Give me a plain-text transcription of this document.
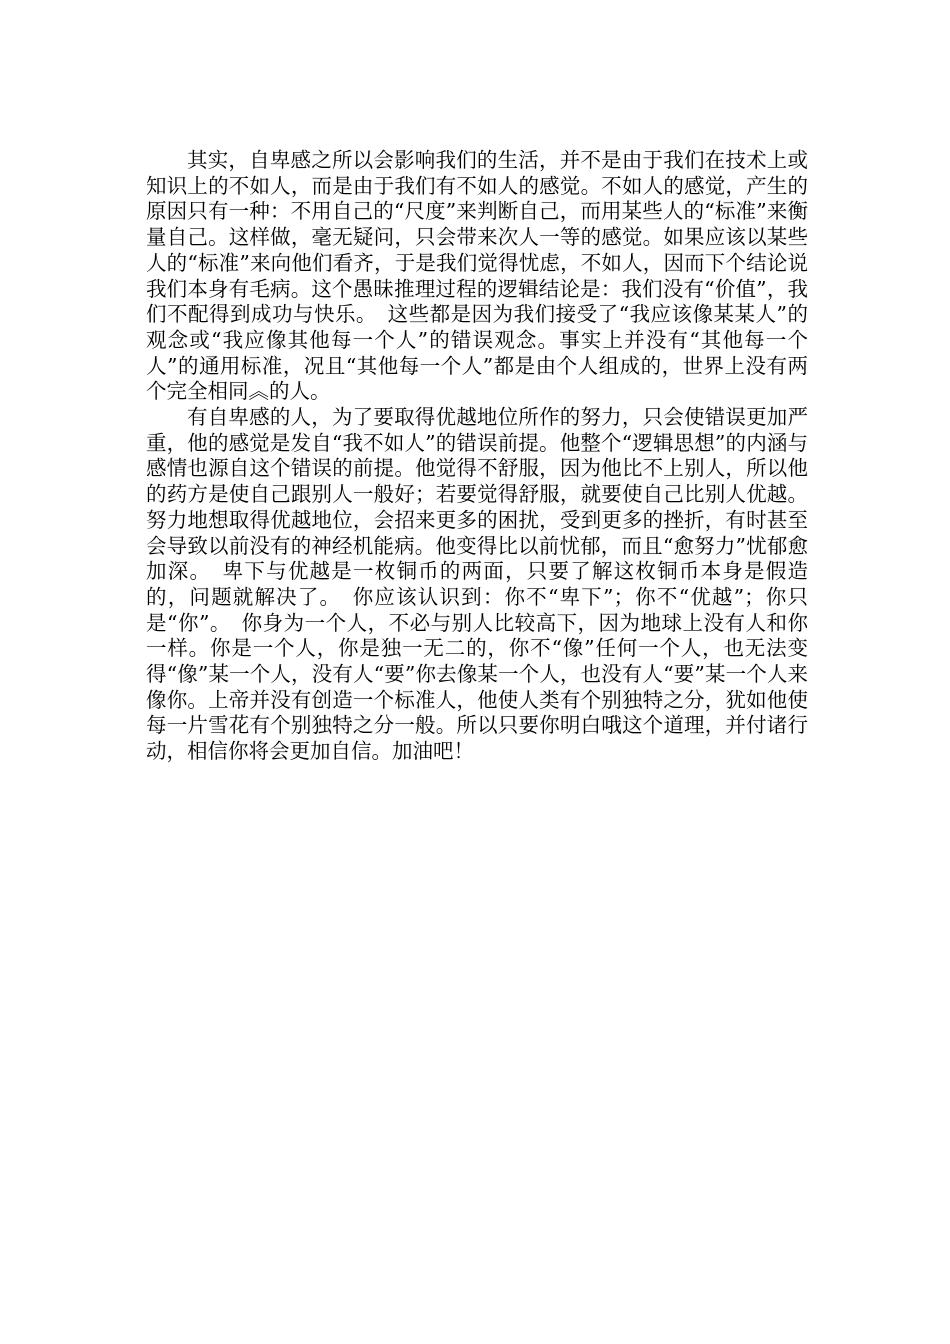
其实，自卑感之所以会影响我们的生活，并不是由于我们在技术上或知识上的不如人，而是由于我们有不如人的感觉。不如人的感觉，产生的原因只有一种：不用自己的“尺度”来判断自己，而用某些人的“标准”来衡量自己。这样做，毫无疑问，只会带来次人一等的感觉。如果应该以某些人的“标准”来向他们看齐，于是我们觉得忧虑，不如人，因而下个结论说我们本身有毛病。这个愚昧推理过程的逻辑结论是：我们没有“价值”，我们不配得到成功与快乐。　这些都是因为我们接受了“我应该像某某人”的观念或“我应像其他每一个人”的错误观念。事实上并没有“其他每一个人”的通用标准，况且“其他每一个人”都是由个人组成的，世界上没有两个完全相同︽的人。

有自卑感的人，为了要取得优越地位所作的努力，只会使错误更加严重，他的感觉是发自“我不如人”的错误前提。他整个“逻辑思想”的内涵与感情也源自这个错误的前提。他觉得不舒服，因为他比不上别人，所以他的药方是使自己跟别人一般好；若要觉得舒服，就要使自己比别人优越。努力地想取得优越地位，会招来更多的困扰，受到更多的挫折，有时甚至会导致以前没有的神经机能病。他变得比以前忧郁，而且“愈努力”忧郁愈加深。　卑下与优越是一枚铜币的两面，只要了解这枚铜币本身是假造的，问题就解决了。　你应该认识到：你不“卑下”；你不“优越”；你只是“你”。　你身为一个人，不必与别人比较高下，因为地球上没有人和你一样。你是一个人，你是独一无二的，你不“像”任何一个人，也无法变得“像”某一个人，没有人“要”你去像某一个人，也没有人“要”某一个人来像你。上帝并没有创造一个标准人，他使人类有个别独特之分，犹如他使每一片雪花有个别独特之分一般。所以只要你明白哦这个道理，并付诸行动，相信你将会更加自信。加油吧！
